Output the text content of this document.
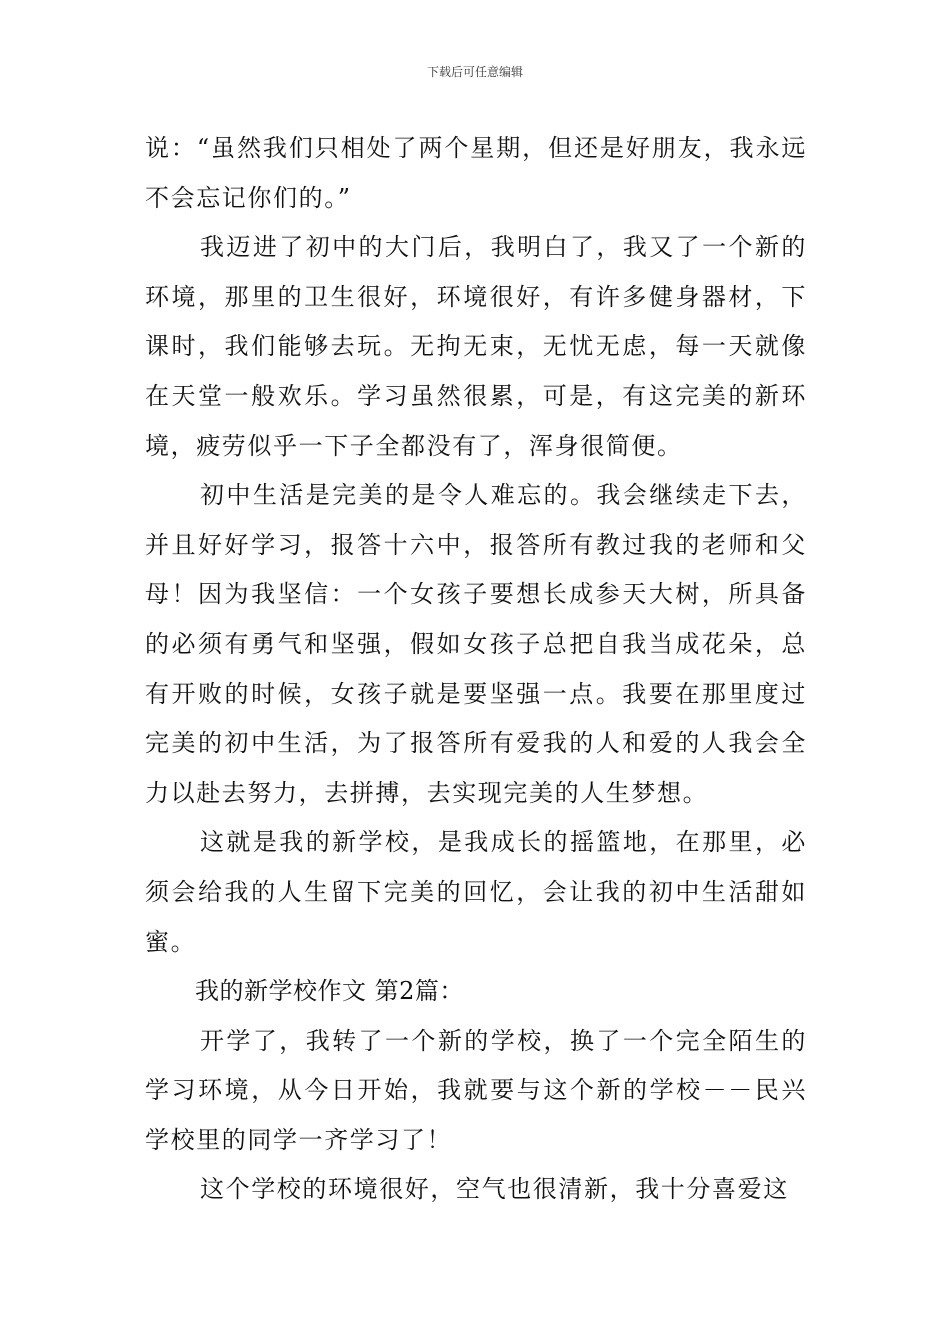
下载后可任意编辑

说：“虽然我们只相处了两个星期，但还是好朋友，我永远不会忘记你们的。”

我迈进了初中的大门后，我明白了，我又了一个新的环境，那里的卫生很好，环境很好，有许多健身器材，下课时，我们能够去玩。无拘无束，无忧无虑，每一天就像在天堂一般欢乐。学习虽然很累，可是，有这完美的新环境，疲劳似乎一下子全都没有了，浑身很简便。

初中生活是完美的是令人难忘的。我会继续走下去，并且好好学习，报答十六中，报答所有教过我的老师和父母！因为我坚信：一个女孩子要想长成参天大树，所具备的必须有勇气和坚强，假如女孩子总把自我当成花朵，总有开败的时候，女孩子就是要坚强一点。我要在那里度过完美的初中生活，为了报答所有爱我的人和爱的人我会全力以赴去努力，去拼搏，去实现完美的人生梦想。

这就是我的新学校，是我成长的摇篮地，在那里，必须会给我的人生留下完美的回忆，会让我的初中生活甜如蜜。

我的新学校作文 第2篇：

开学了，我转了一个新的学校，换了一个完全陌生的学习环境，从今日开始，我就要与这个新的学校－－民兴学校里的同学一齐学习了！

这个学校的环境很好，空气也很清新，我十分喜爱这
